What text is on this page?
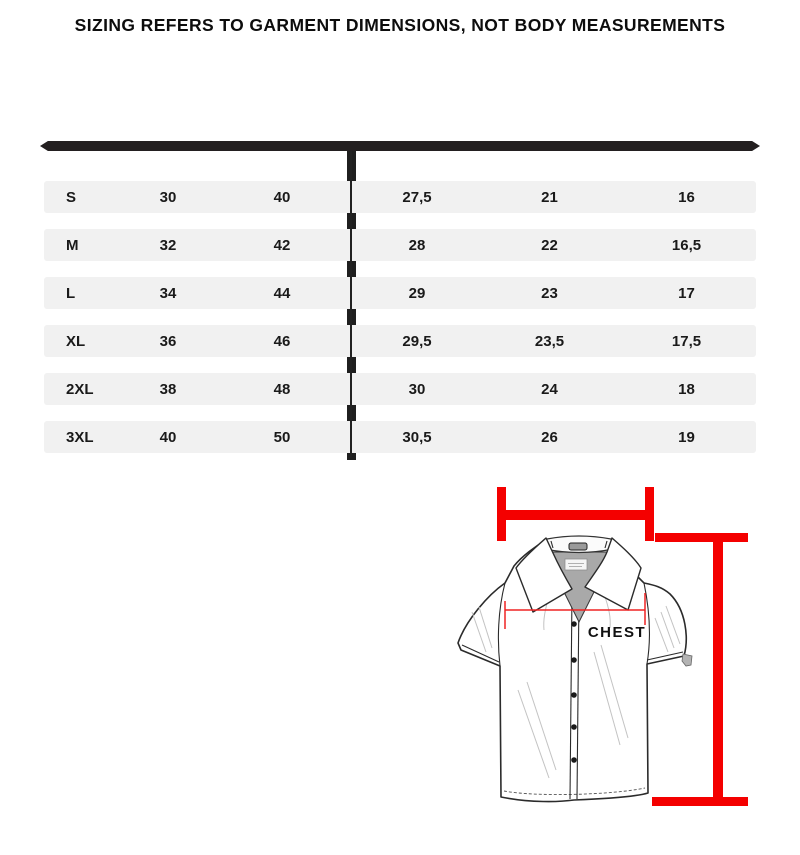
SIZING REFERS TO GARMENT DIMENSIONS, NOT BODY MEASUREMENTS
S	30	40	27,5	21	16
M	32	42	28	22	16,5
L	34	44	29	23	17
XL	36	46	29,5	23,5	17,5
2XL	38	48	30	24	18
3XL	40	50	30,5	26	19
CHEST
